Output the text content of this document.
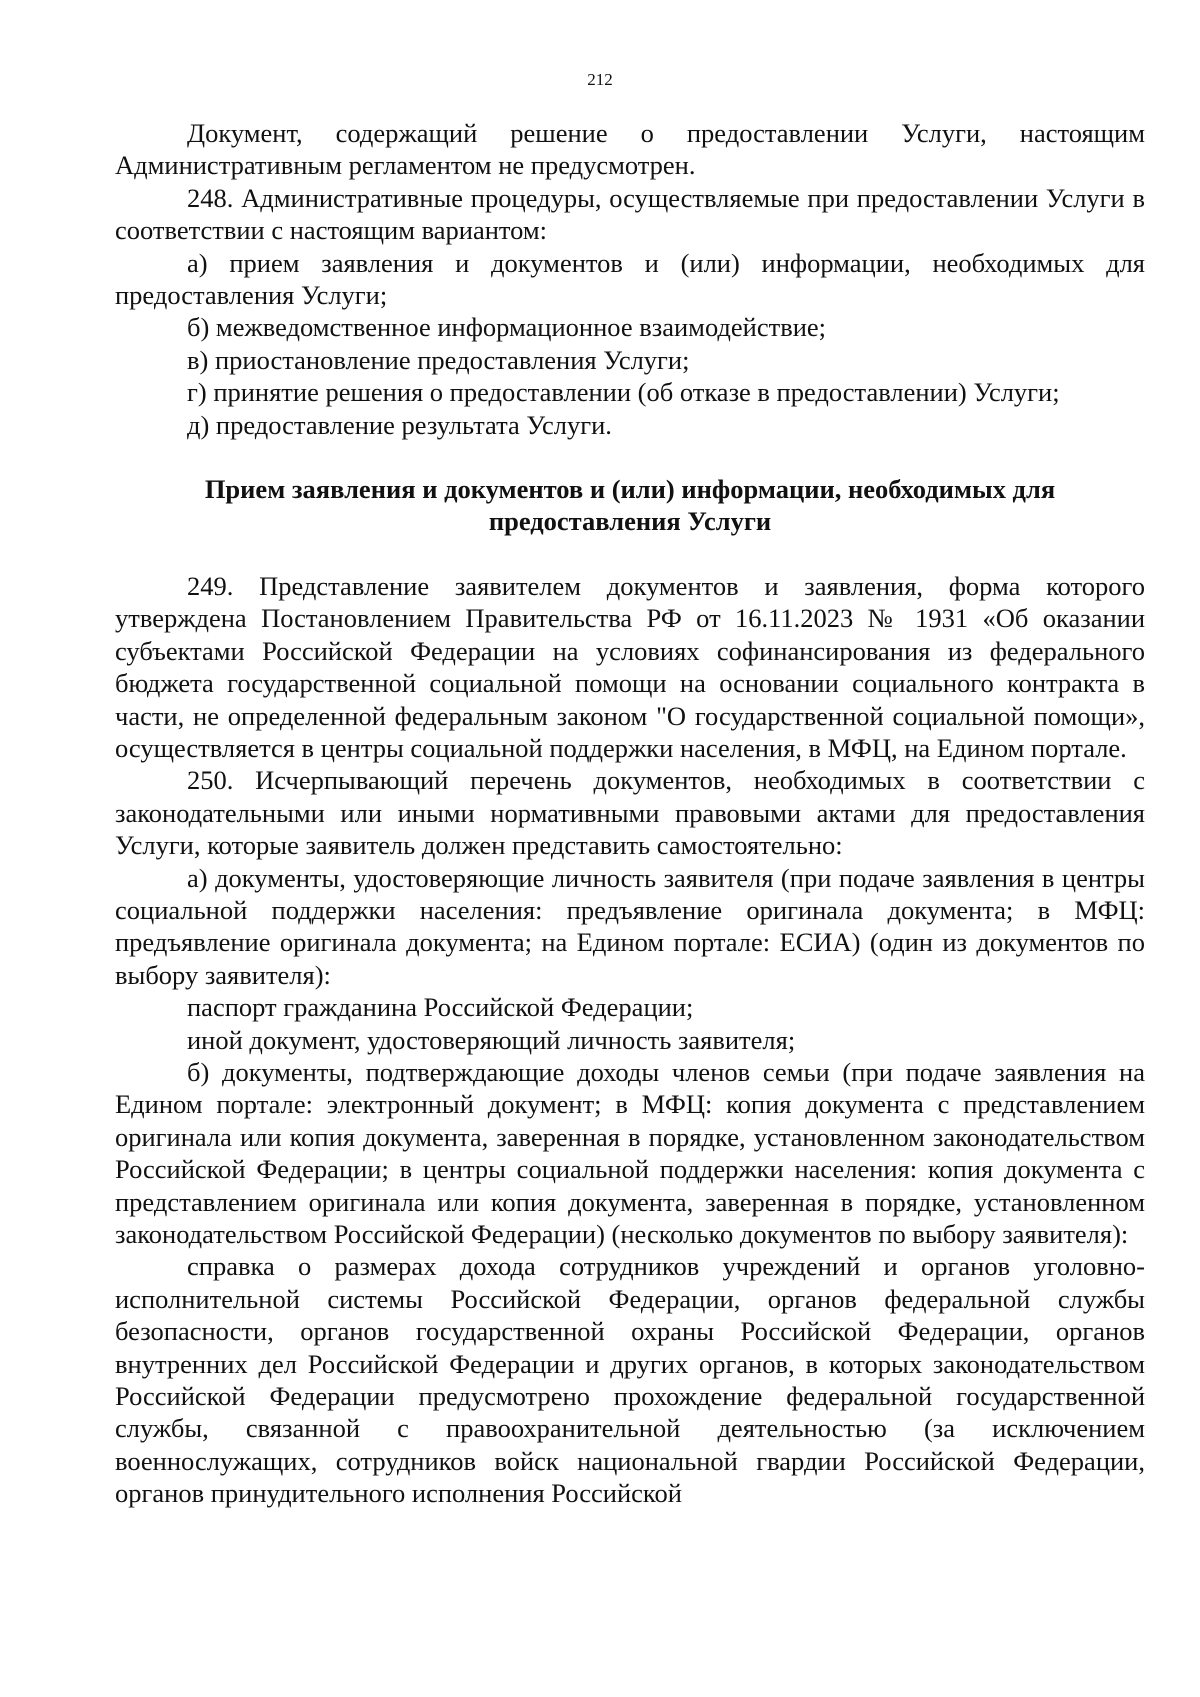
212

Документ, содержащий решение о предоставлении Услуги, настоящим Административным регламентом не предусмотрен.

248. Административные процедуры, осуществляемые при предоставлении Услуги в соответствии с настоящим вариантом:

а) прием заявления и документов и (или) информации, необходимых для предоставления Услуги;

б) межведомственное информационное взаимодействие;

в) приостановление предоставления Услуги;

г) принятие решения о предоставлении (об отказе в предоставлении) Услуги;

д) предоставление результата Услуги.

Прием заявления и документов и (или) информации, необходимых для предоставления Услуги

249. Представление заявителем документов и заявления, форма которого утверждена Постановлением Правительства РФ от 16.11.2023 № 1931 «Об оказании субъектами Российской Федерации на условиях софинансирования из федерального бюджета государственной социальной помощи на основании социального контракта в части, не определенной федеральным законом "О государственной социальной помощи», осуществляется в центры социальной поддержки населения, в МФЦ, на Едином портале.

250. Исчерпывающий перечень документов, необходимых в соответствии с законодательными или иными нормативными правовыми актами для предоставления Услуги, которые заявитель должен представить самостоятельно:

а) документы, удостоверяющие личность заявителя (при подаче заявления в центры социальной поддержки населения: предъявление оригинала документа; в МФЦ: предъявление оригинала документа; на Едином портале: ЕСИА) (один из документов по выбору заявителя):

паспорт гражданина Российской Федерации;

иной документ, удостоверяющий личность заявителя;

б) документы, подтверждающие доходы членов семьи (при подаче заявления на Едином портале: электронный документ; в МФЦ: копия документа с представлением оригинала или копия документа, заверенная в порядке, установленном законодательством Российской Федерации; в центры социальной поддержки населения: копия документа с представлением оригинала или копия документа, заверенная в порядке, установленном законодательством Российской Федерации) (несколько документов по выбору заявителя):

справка о размерах дохода сотрудников учреждений и органов уголовно-исполнительной системы Российской Федерации, органов федеральной службы безопасности, органов государственной охраны Российской Федерации, органов внутренних дел Российской Федерации и других органов, в которых законодательством Российской Федерации предусмотрено прохождение федеральной государственной службы, связанной с правоохранительной деятельностью (за исключением военнослужащих, сотрудников войск национальной гвардии Российской Федерации, органов принудительного исполнения Российской
